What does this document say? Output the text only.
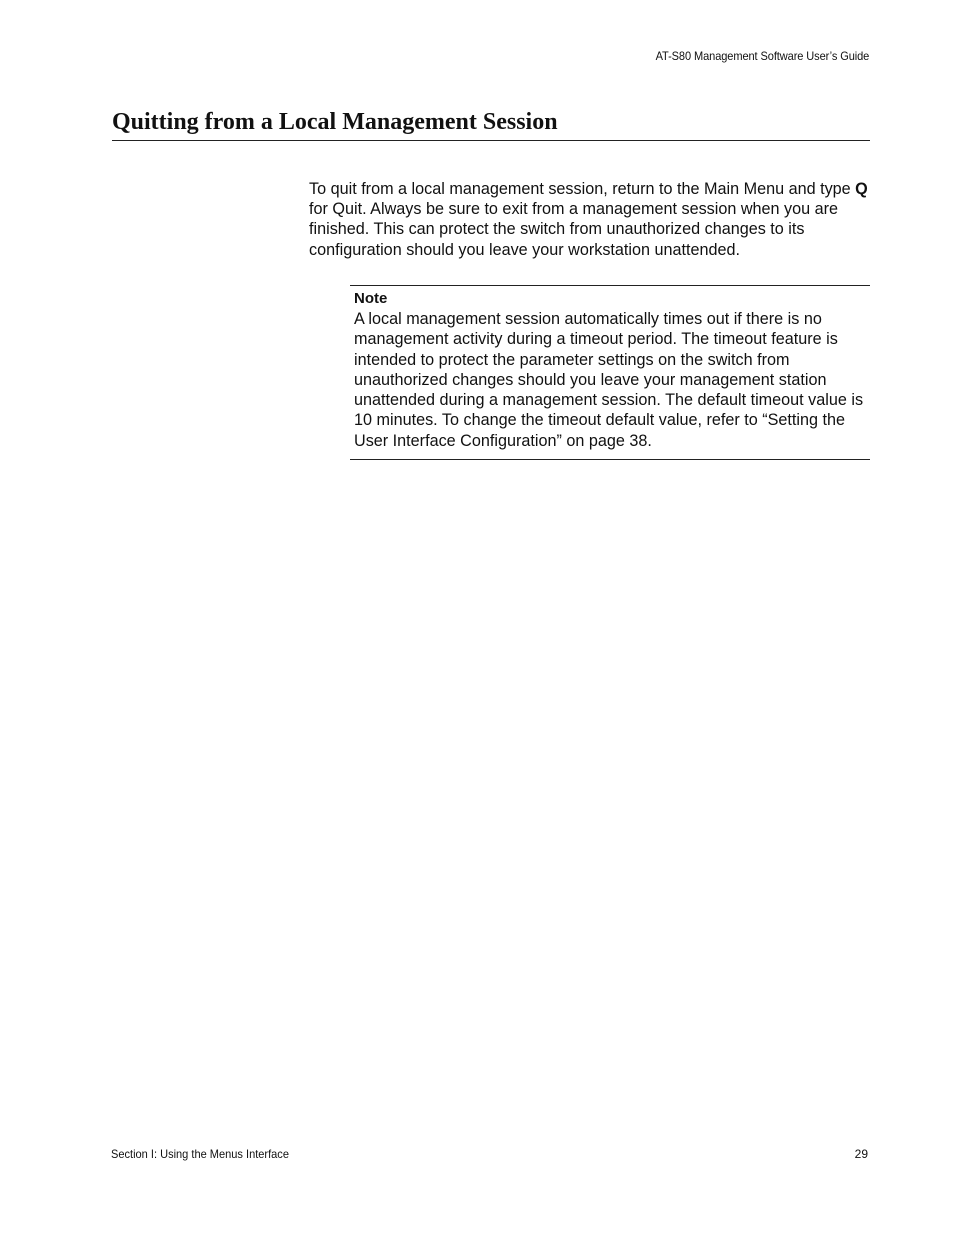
AT-S80 Management Software User’s Guide
Quitting from a Local Management Session

To quit from a local management session, return to the Main Menu and type Q for Quit. Always be sure to exit from a management session when you are finished. This can protect the switch from unauthorized changes to its configuration should you leave your workstation unattended.

Note

A local management session automatically times out if there is no management activity during a timeout period. The timeout feature is intended to protect the parameter settings on the switch from unauthorized changes should you leave your management station unattended during a management session. The default timeout value is 10 minutes. To change the timeout default value, refer to “Setting the User Interface Configuration” on page 38.

Section I: Using the Menus Interface	29
